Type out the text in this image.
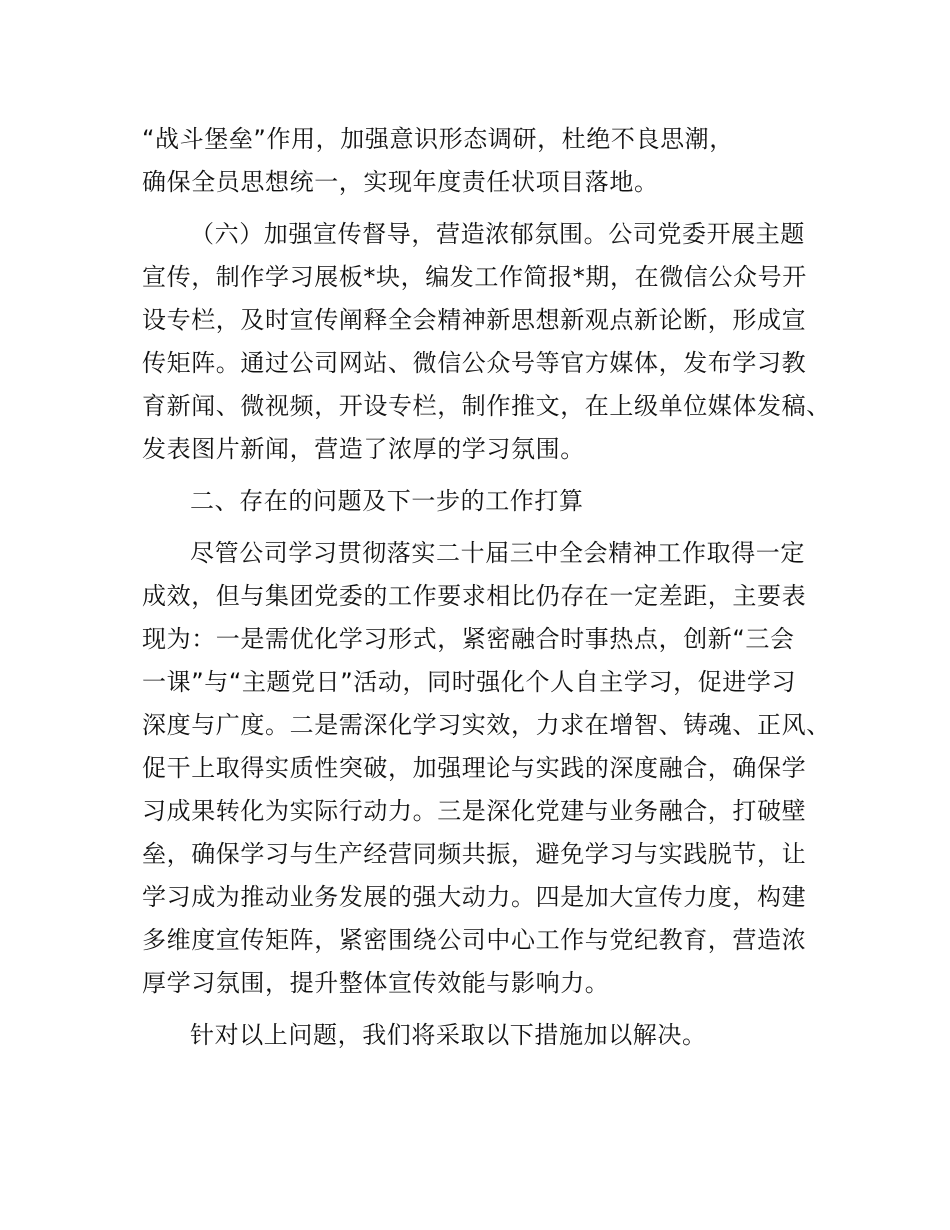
“战斗堡垒”作用，加强意识形态调研，杜绝不良思潮，
确保全员思想统一，实现年度责任状项目落地。
（六）加强宣传督导，营造浓郁氛围。公司党委开展主题
宣传，制作学习展板*块，编发工作简报*期，在微信公众号开
设专栏，及时宣传阐释全会精神新思想新观点新论断，形成宣
传矩阵。通过公司网站、微信公众号等官方媒体，发布学习教
育新闻、微视频，开设专栏，制作推文，在上级单位媒体发稿、
发表图片新闻，营造了浓厚的学习氛围。
二、存在的问题及下一步的工作打算
尽管公司学习贯彻落实二十届三中全会精神工作取得一定
成效，但与集团党委的工作要求相比仍存在一定差距，主要表
现为：一是需优化学习形式，紧密融合时事热点，创新“三会
一课”与“主题党日”活动，同时强化个人自主学习，促进学习
深度与广度。二是需深化学习实效，力求在增智、铸魂、正风、
促干上取得实质性突破，加强理论与实践的深度融合，确保学
习成果转化为实际行动力。三是深化党建与业务融合，打破壁
垒，确保学习与生产经营同频共振，避免学习与实践脱节，让
学习成为推动业务发展的强大动力。四是加大宣传力度，构建
多维度宣传矩阵，紧密围绕公司中心工作与党纪教育，营造浓
厚学习氛围，提升整体宣传效能与影响力。
针对以上问题，我们将采取以下措施加以解决。
